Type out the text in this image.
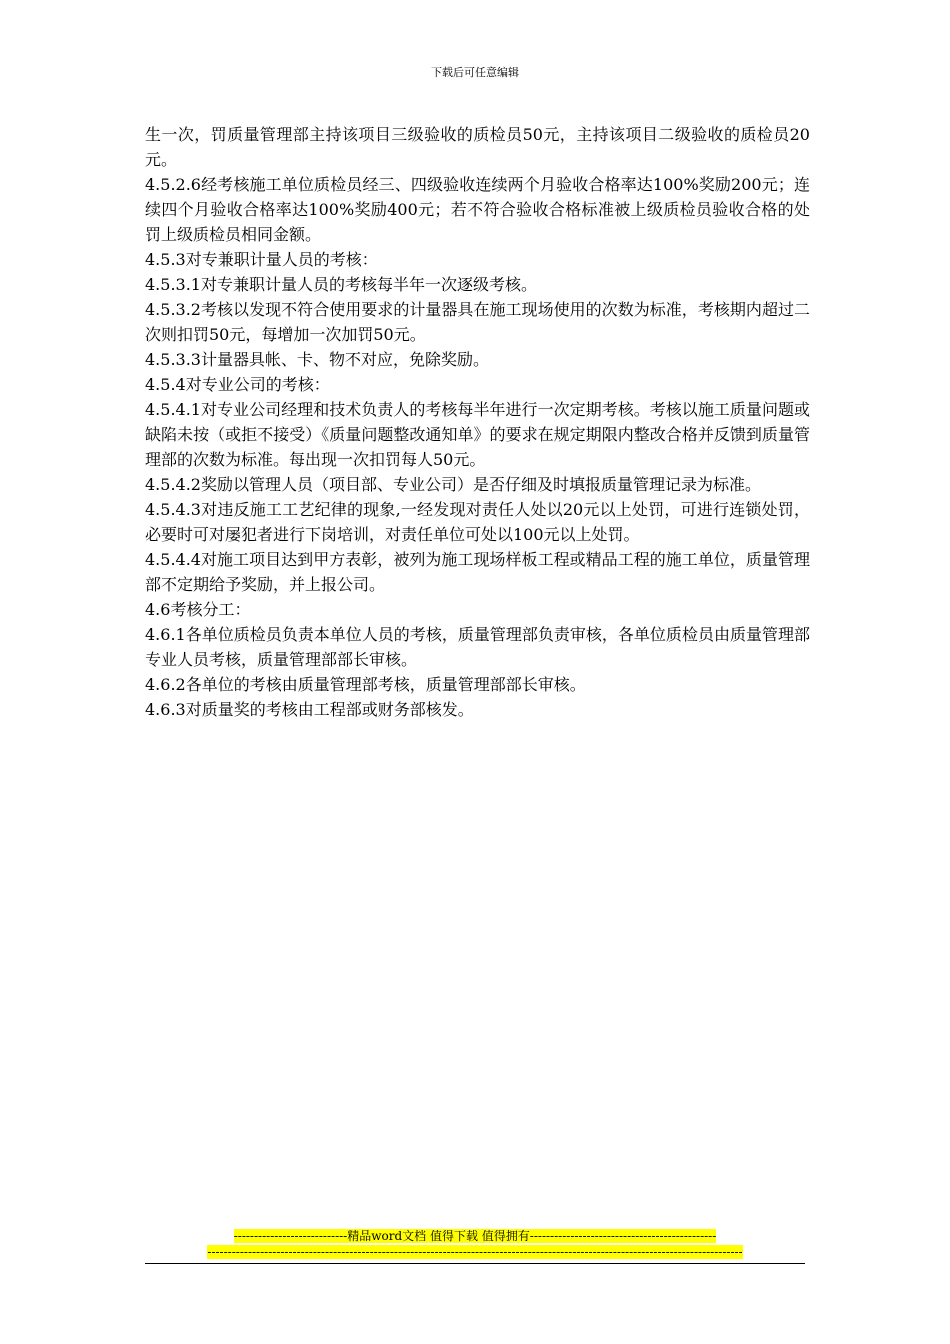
下载后可任意编辑

生一次，罚质量管理部主持该项目三级验收的质检员50元，主持该项目二级验收的质检员20元。

4.5.2.6经考核施工单位质检员经三、四级验收连续两个月验收合格率达100%奖励200元；连续四个月验收合格率达100%奖励400元；若不符合验收合格标准被上级质检员验收合格的处罚上级质检员相同金额。

4.5.3对专兼职计量人员的考核：

4.5.3.1对专兼职计量人员的考核每半年一次逐级考核。

4.5.3.2考核以发现不符合使用要求的计量器具在施工现场使用的次数为标准，考核期内超过二次则扣罚50元，每增加一次加罚50元。

4.5.3.3计量器具帐、卡、物不对应，免除奖励。

4.5.4对专业公司的考核：

4.5.4.1对专业公司经理和技术负责人的考核每半年进行一次定期考核。考核以施工质量问题或缺陷未按（或拒不接受）《质量问题整改通知单》的要求在规定期限内整改合格并反馈到质量管理部的次数为标准。每出现一次扣罚每人50元。

4.5.4.2奖励以管理人员（项目部、专业公司）是否仔细及时填报质量管理记录为标准。

4.5.4.3对违反施工工艺纪律的现象,一经发现对责任人处以20元以上处罚，可进行连锁处罚，必要时可对屡犯者进行下岗培训，对责任单位可处以100元以上处罚。

4.5.4.4对施工项目达到甲方表彰，被列为施工现场样板工程或精品工程的施工单位，质量管理部不定期给予奖励，并上报公司。

4.6考核分工：

4.6.1各单位质检员负责本单位人员的考核，质量管理部负责审核，各单位质检员由质量管理部专业人员考核，质量管理部部长审核。

4.6.2各单位的考核由质量管理部考核，质量管理部部长审核。

4.6.3对质量奖的考核由工程部或财务部核发。

----------------------------精品word文档 值得下载 值得拥有----------------------------------------------
------------------------------------------------------------------------------------------------------------------------------------
